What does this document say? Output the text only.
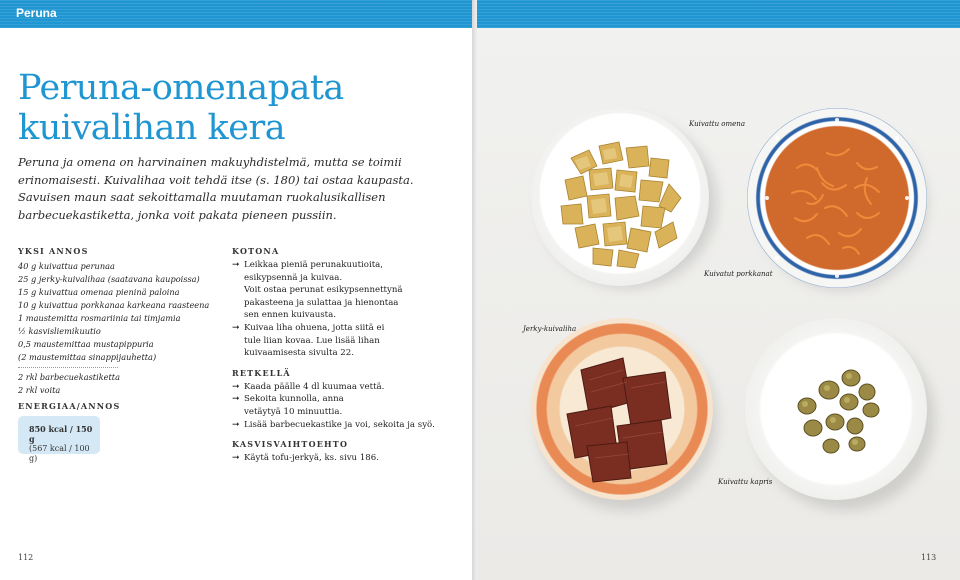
Peruna
Peruna-omenapata
kuivalihan kera
Peruna ja omena on harvinainen makuyhdistelmä, mutta se toimii
erinomaisesti. Kuivalihaa voit tehdä itse (s. 180) tai ostaa kaupasta.
Savuisen maun saat sekoittamalla muutaman ruokalusikallisen
barbecuekastiketta, jonka voit pakata pieneen pussiin.
YKSI ANNOS
40 g kuivattua perunaa
25 g jerky-kuivalihaa (saatavana kaupoissa)
15 g kuivattua omenaa pieninä paloina
10 g kuivattua porkkanaa karkeana raasteena
1 maustemitta rosmariinia tai timjamia
½ kasvisliemikuutio
0,5 maustemittaa mustapippuria
(2 maustemittaa sinappijauhetta)
2 rkl barbecuekastiketta
2 rkl voita
ENERGIAA/ANNOS
850 kcal / 150 g
(567 kcal / 100 g)
KOTONA
➞ Leikkaa pieniä perunakuutioita,
esikypsennä ja kuivaa.
Voit ostaa perunat esikypsennettynä
pakasteena ja sulattaa ja hienontaa
sen ennen kuivausta.
➞ Kuivaa liha ohuena, jotta siitä ei
tule liian kovaa. Lue lisää lihan
kuivaamisesta sivulta 22.
RETKELLÄ
➞ Kaada päälle 4 dl kuumaa vettä.
➞ Sekoita kunnolla, anna
vetäytyä 10 minuuttia.
➞ Lisää barbecuekastike ja voi, sekoita ja syö.
KASVISVAIHTOEHTO
➞ Käytä tofu-jerkyä, ks. sivu 186.
112
Kuivattu omena
Kuivatut porkkanat
Jerky-kuivaliha
Kuivattu kapris
113
